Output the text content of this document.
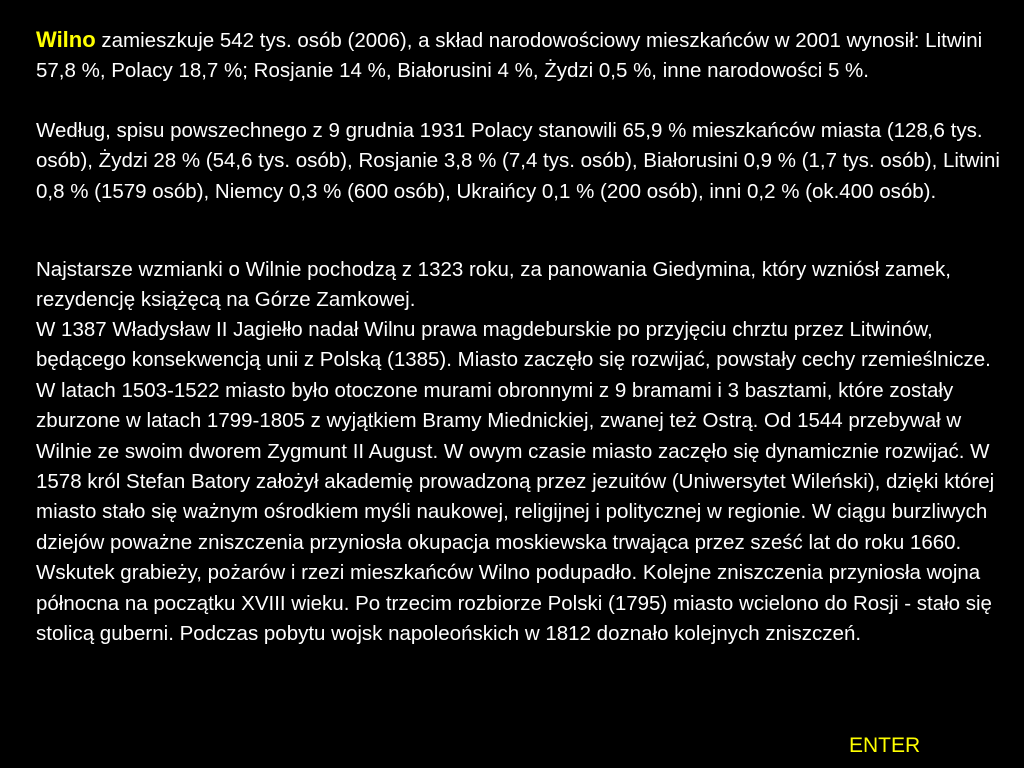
Wilno zamieszkuje 542 tys. osób (2006), a skład narodowościowy mieszkańców w 2001 wynosił: Litwini 57,8 %, Polacy 18,7 %; Rosjanie 14 %, Białorusini 4 %, Żydzi 0,5 %, inne narodowości 5 %.

Według, spisu powszechnego z 9 grudnia 1931 Polacy stanowili 65,9 % mieszkańców miasta (128,6 tys. osób), Żydzi 28 % (54,6 tys. osób), Rosjanie 3,8 % (7,4 tys. osób), Białorusini 0,9 % (1,7 tys. osób), Litwini 0,8 % (1579 osób), Niemcy 0,3 % (600 osób), Ukraińcy 0,1 % (200 osób), inni 0,2 % (ok.400 osób).

Najstarsze wzmianki o Wilnie pochodzą z 1323 roku, za panowania Giedymina, który wzniósł zamek, rezydencję książęcą na Górze Zamkowej.

W 1387 Władysław II Jagiełło nadał Wilnu prawa magdeburskie po przyjęciu chrztu przez Litwinów, będącego konsekwencją unii z Polską (1385). Miasto zaczęło się rozwijać, powstały cechy rzemieślnicze. W latach 1503-1522 miasto było otoczone murami obronnymi z 9 bramami i 3 basztami, które zostały zburzone w latach 1799-1805 z wyjątkiem Bramy Miednickiej, zwanej też Ostrą. Od 1544 przebywał w Wilnie ze swoim dworem Zygmunt II August. W owym czasie miasto zaczęło się dynamicznie rozwijać. W 1578 król Stefan Batory założył akademię prowadzoną przez jezuitów (Uniwersytet Wileński), dzięki której miasto stało się ważnym ośrodkiem myśli naukowej, religijnej i politycznej w regionie. W ciągu burzliwych dziejów poważne zniszczenia przyniosła okupacja moskiewska trwająca przez sześć lat do roku 1660. Wskutek grabieży, pożarów i rzezi mieszkańców Wilno podupadło. Kolejne zniszczenia przyniosła wojna północna na początku XVIII wieku. Po trzecim rozbiorze Polski (1795) miasto wcielono do Rosji - stało się stolicą guberni. Podczas pobytu wojsk napoleońskich w 1812 doznało kolejnych zniszczeń.

ENTER
